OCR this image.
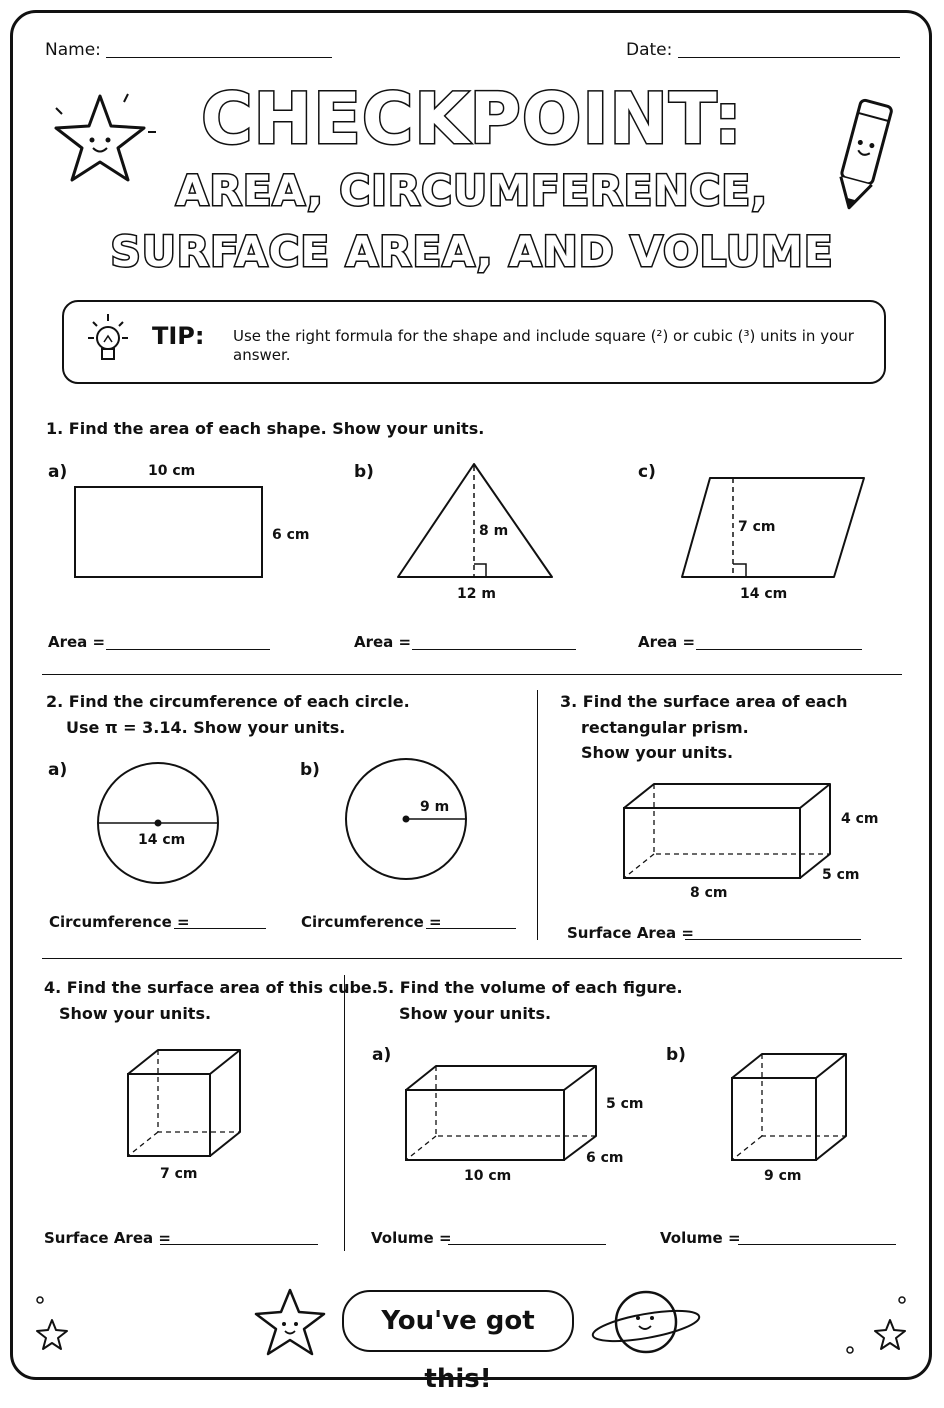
Name:	Date:
CHECKPOINT:
AREA, CIRCUMFERENCE,
SURFACE AREA, AND VOLUME
TIP: Use the right formula for the shape and include square (²) or cubic (³) units in your answer.
1. Find the area of each shape. Show your units.
a)	10 cm
6 cm
Area =
b)
8 m
12 m
Area =
c)
7 cm
14 cm
Area =
2. Find the circumference of each circle.
Use π = 3.14. Show your units.
a)
14 cm
Circumference =
b)
9 m
Circumference =
3. Find the surface area of each
rectangular prism.
Show your units.
4 cm
5 cm
8 cm
Surface Area =
4. Find the surface area of this cube.
Show your units.
7 cm
Surface Area =
5. Find the volume of each figure.
Show your units.
a)
5 cm
6 cm
10 cm
Volume =
b)
9 cm
Volume =
You've got this!
